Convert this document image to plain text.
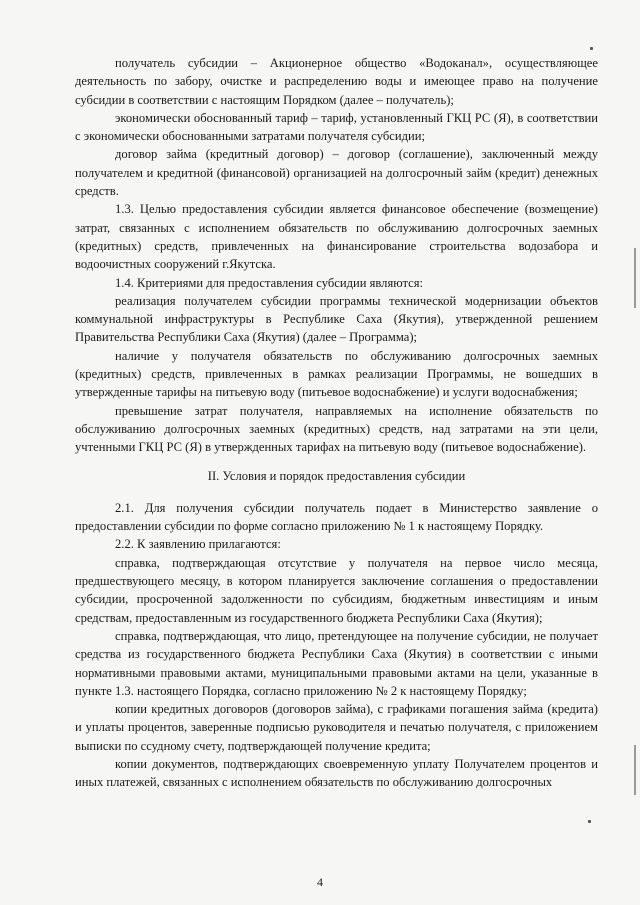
получатель субсидии – Акционерное общество «Водоканал», осуществляющее деятельность по забору, очистке и распределению воды и имеющее право на получение субсидии в соответствии с настоящим Порядком (далее – получатель);

экономически обоснованный тариф – тариф, установленный ГКЦ РС (Я), в соответствии с экономически обоснованными затратами получателя субсидии;

договор займа (кредитный договор) – договор (соглашение), заключенный между получателем и кредитной (финансовой) организацией на долгосрочный займ (кредит) денежных средств.

1.3. Целью предоставления субсидии является финансовое обеспечение (возмещение) затрат, связанных с исполнением обязательств по обслуживанию долгосрочных заемных (кредитных) средств, привлеченных на финансирование строительства водозабора и водоочистных сооружений г.Якутска.

1.4. Критериями для предоставления субсидии являются:

реализация получателем субсидии программы технической модернизации объектов коммунальной инфраструктуры в Республике Саха (Якутия), утвержденной решением Правительства Республики Саха (Якутия) (далее – Программа);

наличие у получателя обязательств по обслуживанию долгосрочных заемных (кредитных) средств, привлеченных в рамках реализации Программы, не вошедших в утвержденные тарифы на питьевую воду (питьевое водоснабжение) и услуги водоснабжения;

превышение затрат получателя, направляемых на исполнение обязательств по обслуживанию долгосрочных заемных (кредитных) средств, над затратами на эти цели, учтенными ГКЦ РС (Я) в утвержденных тарифах на питьевую воду (питьевое водоснабжение).

II. Условия и порядок предоставления субсидии

2.1. Для получения субсидии получатель подает в Министерство заявление о предоставлении субсидии по форме согласно приложению № 1 к настоящему Порядку.

2.2. К заявлению прилагаются:

справка, подтверждающая отсутствие у получателя на первое число месяца, предшествующего месяцу, в котором планируется заключение соглашения о предоставлении субсидии, просроченной задолженности по субсидиям, бюджетным инвестициям и иным средствам, предоставленным из государственного бюджета Республики Саха (Якутия);

справка, подтверждающая, что лицо, претендующее на получение субсидии, не получает средства из государственного бюджета Республики Саха (Якутия) в соответствии с иными нормативными правовыми актами, муниципальными правовыми актами на цели, указанные в пункте 1.3. настоящего Порядка, согласно приложению № 2 к настоящему Порядку;

копии кредитных договоров (договоров займа), с графиками погашения займа (кредита) и уплаты процентов, заверенные подписью руководителя и печатью получателя, с приложением выписки по ссудному счету, подтверждающей получение кредита;

копии документов, подтверждающих своевременную уплату Получателем процентов и иных платежей, связанных с исполнением обязательств по обслуживанию долгосрочных

4
